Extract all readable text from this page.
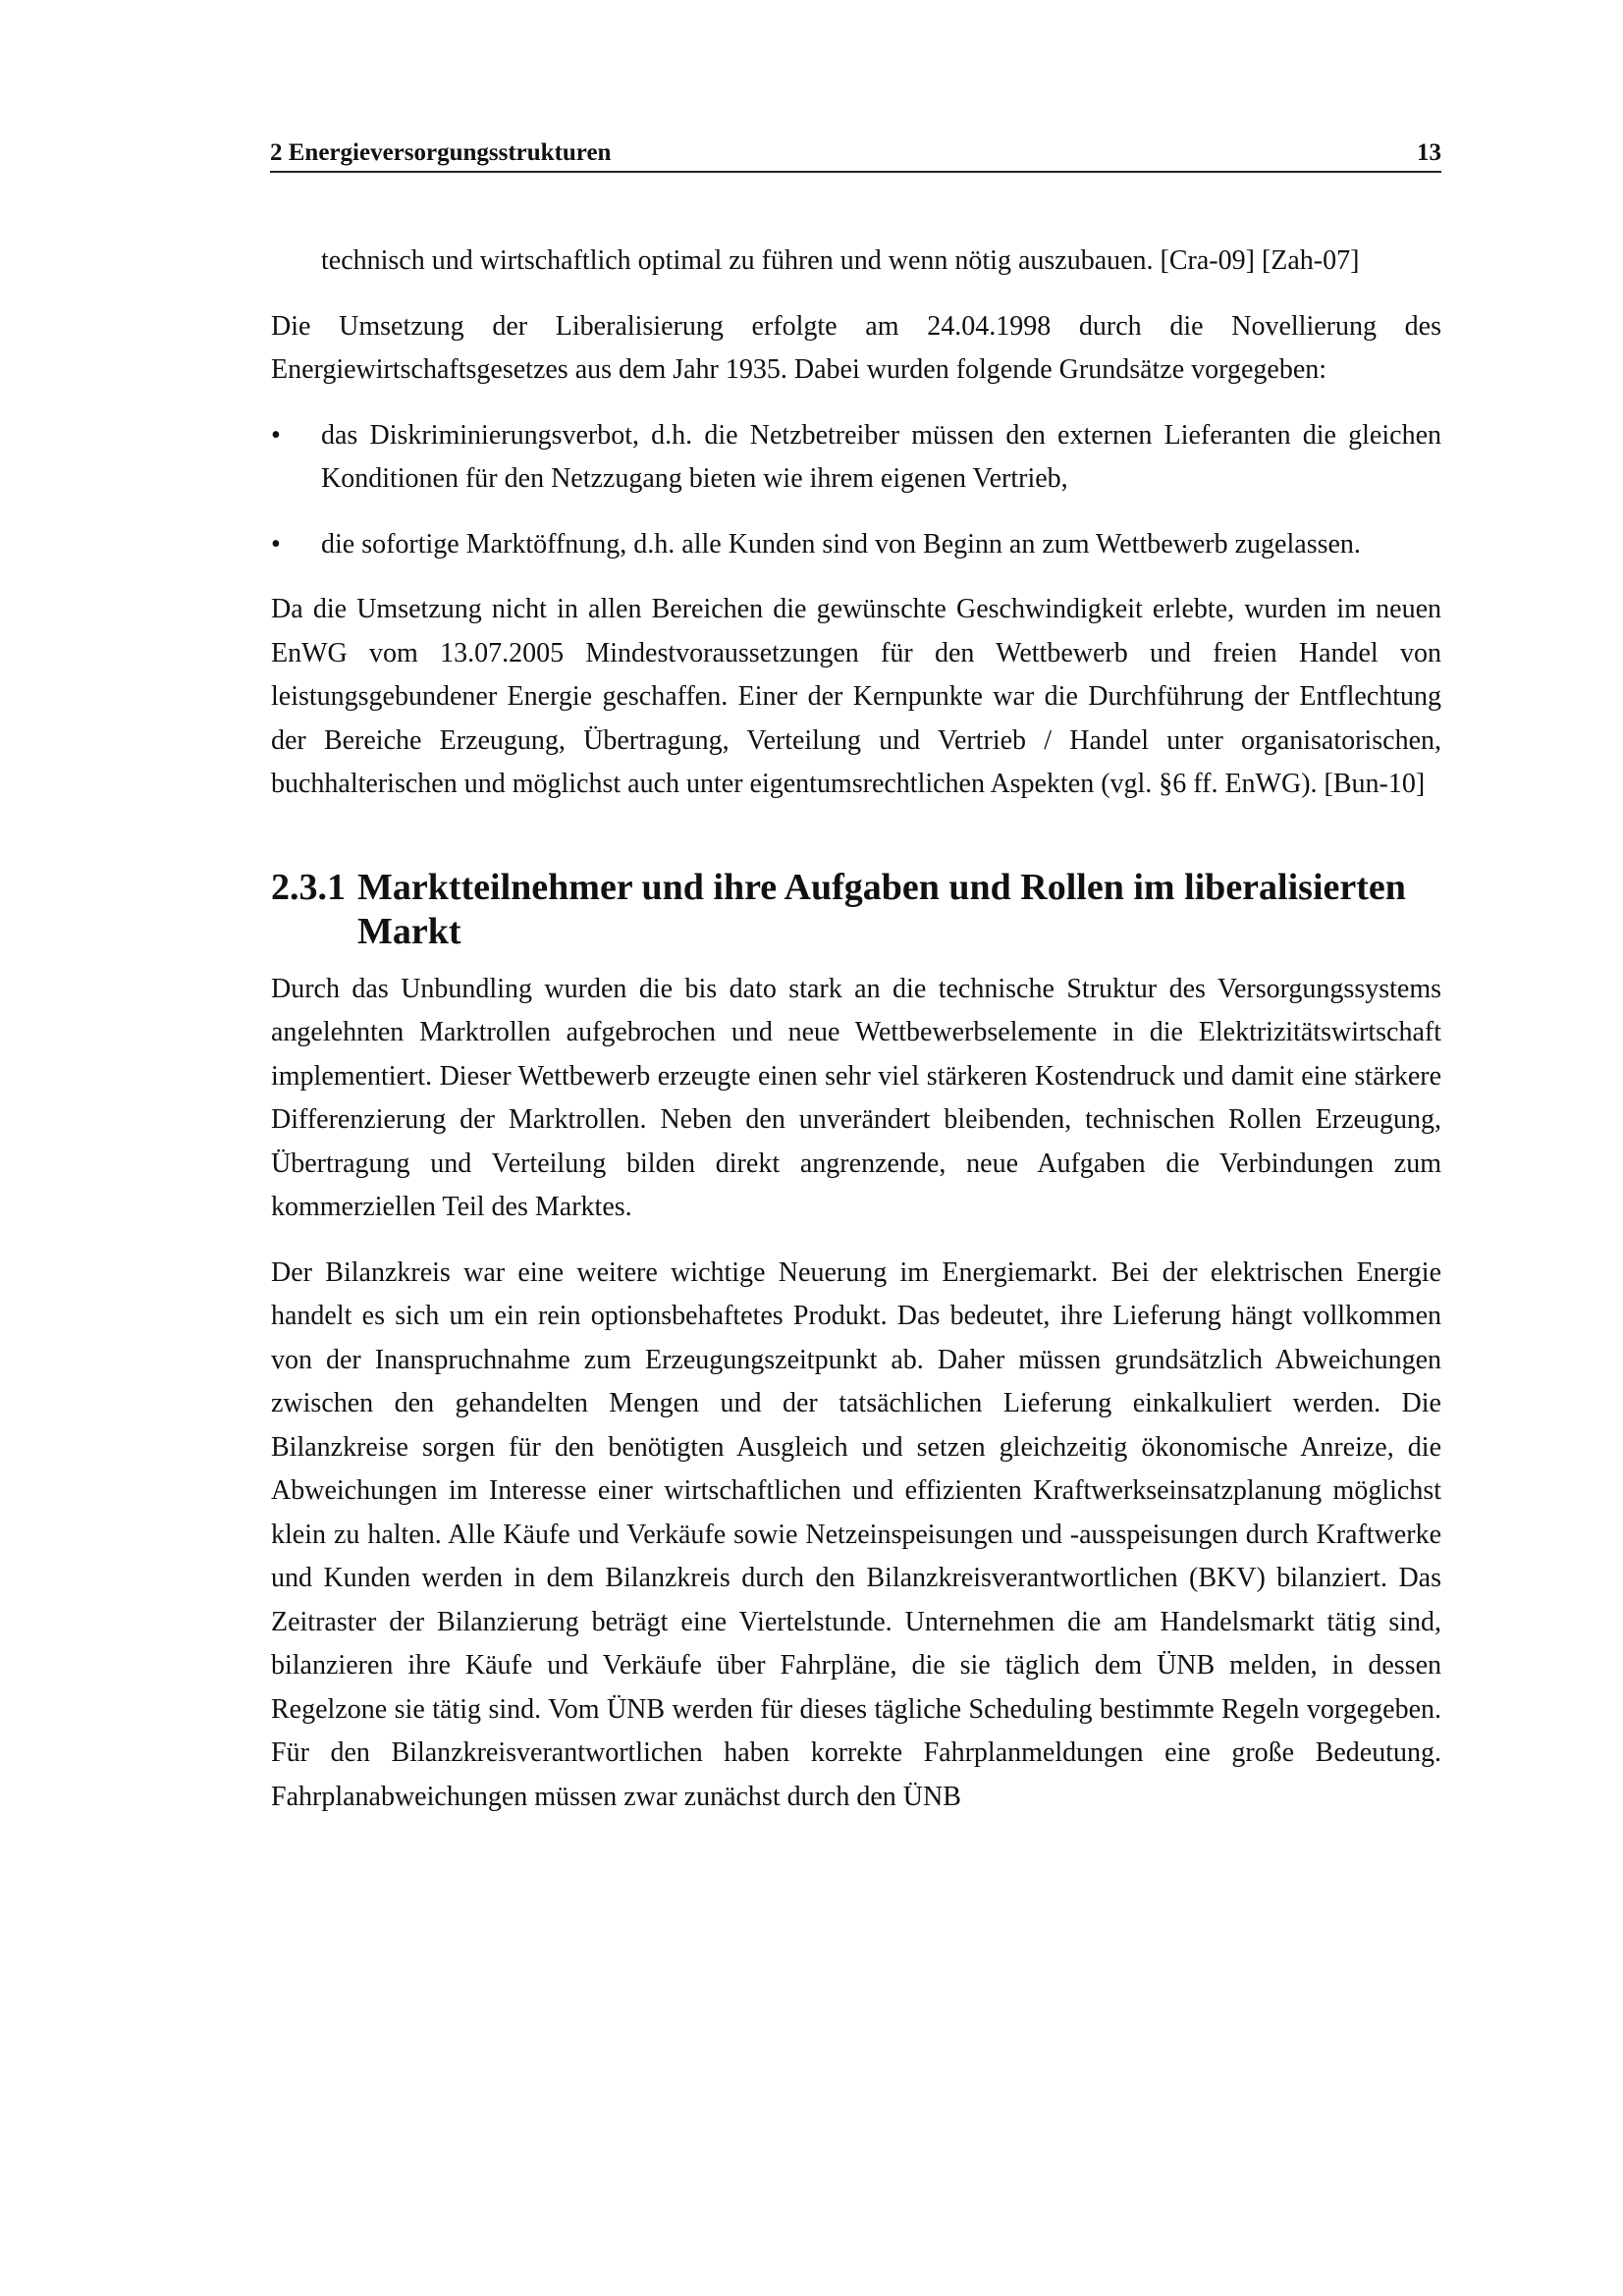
2 Energieversorgungsstrukturen	13

technisch und wirtschaftlich optimal zu führen und wenn nötig auszubauen. [Cra-09] [Zah-07]

Die Umsetzung der Liberalisierung erfolgte am 24.04.1998 durch die Novellierung des Energiewirtschaftsgesetzes aus dem Jahr 1935. Dabei wurden folgende Grundsätze vorgegeben:

•	das Diskriminierungsverbot, d.h. die Netzbetreiber müssen den externen Lieferanten die gleichen Konditionen für den Netzzugang bieten wie ihrem eigenen Vertrieb,
•	die sofortige Marktöffnung, d.h. alle Kunden sind von Beginn an zum Wettbewerb zugelassen.

Da die Umsetzung nicht in allen Bereichen die gewünschte Geschwindigkeit erlebte, wurden im neuen EnWG vom 13.07.2005 Mindestvoraussetzungen für den Wettbewerb und freien Handel von leistungsgebundener Energie geschaffen. Einer der Kernpunkte war die Durchführung der Entflechtung der Bereiche Erzeugung, Übertragung, Verteilung und Vertrieb / Handel unter organisatorischen, buchhalterischen und möglichst auch unter eigentumsrechtlichen Aspekten (vgl. §6 ff. EnWG). [Bun-10]

2.3.1 Marktteilnehmer und ihre Aufgaben und Rollen im liberalisierten Markt

Durch das Unbundling wurden die bis dato stark an die technische Struktur des Versorgungssystems angelehnten Marktrollen aufgebrochen und neue Wettbewerbselemente in die Elektrizitätswirtschaft implementiert. Dieser Wettbewerb erzeugte einen sehr viel stärkeren Kostendruck und damit eine stärkere Differenzierung der Marktrollen. Neben den unverändert bleibenden, technischen Rollen Erzeugung, Übertragung und Verteilung bilden direkt angrenzende, neue Aufgaben die Verbindungen zum kommerziellen Teil des Marktes.

Der Bilanzkreis war eine weitere wichtige Neuerung im Energiemarkt. Bei der elektrischen Energie handelt es sich um ein rein optionsbehaftetes Produkt. Das bedeutet, ihre Lieferung hängt vollkommen von der Inanspruchnahme zum Erzeugungszeitpunkt ab. Daher müssen grundsätzlich Abweichungen zwischen den gehandelten Mengen und der tatsächlichen Lieferung einkalkuliert werden. Die Bilanzkreise sorgen für den benötigten Ausgleich und setzen gleichzeitig ökonomische Anreize, die Abweichungen im Interesse einer wirtschaftlichen und effizienten Kraftwerkseinsatzplanung möglichst klein zu halten. Alle Käufe und Verkäufe sowie Netzeinspeisungen und -ausspeisungen durch Kraftwerke und Kunden werden in dem Bilanzkreis durch den Bilanzkreisverantwortlichen (BKV) bilanziert. Das Zeitraster der Bilanzierung beträgt eine Viertelstunde. Unternehmen die am Handelsmarkt tätig sind, bilanzieren ihre Käufe und Verkäufe über Fahrpläne, die sie täglich dem ÜNB melden, in dessen Regelzone sie tätig sind. Vom ÜNB werden für dieses tägliche Scheduling bestimmte Regeln vorgegeben. Für den Bilanzkreisverantwortlichen haben korrekte Fahrplanmeldungen eine große Bedeutung. Fahrplanabweichungen müssen zwar zunächst durch den ÜNB
